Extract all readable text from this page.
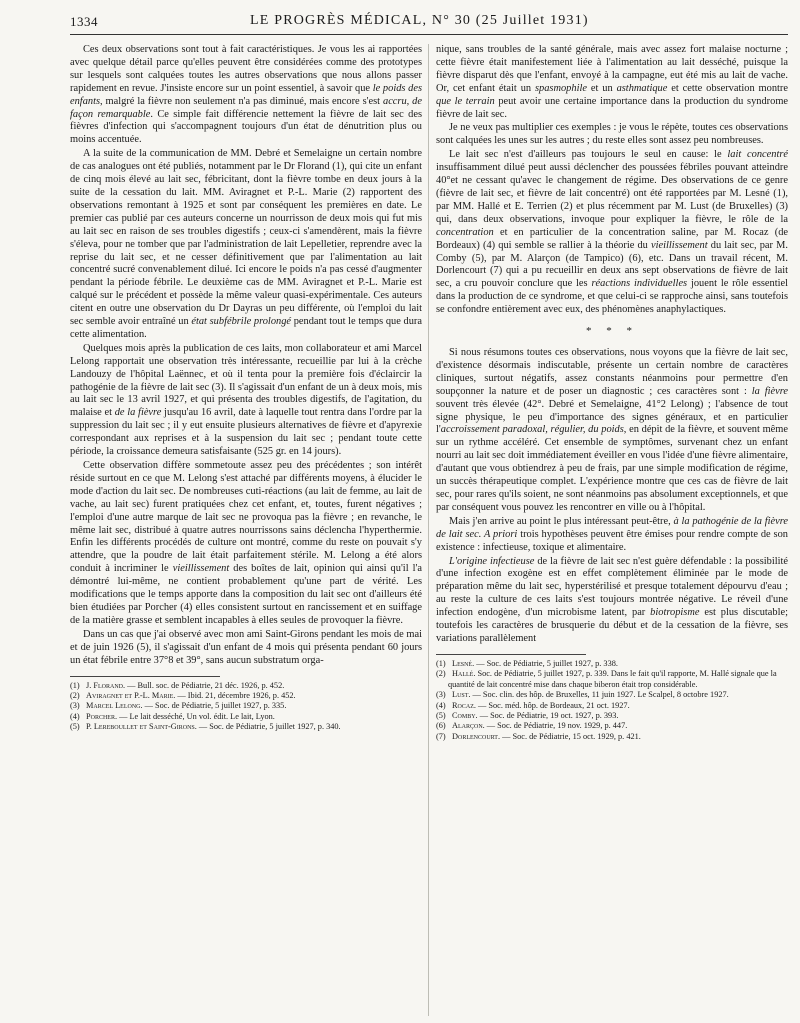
1334	LE PROGRÈS MÉDICAL, N° 30 (25 Juillet 1931)

Ces deux observations sont tout à fait caractéristiques. Je vous les ai rapportées avec quelque détail parce qu'elles peuvent être considérées comme des prototypes sur lesquels sont calquées toutes les autres observations que nous allons passer rapidement en revue. J'insiste encore sur un point essentiel, à savoir que le poids des enfants, malgré la fièvre non seulement n'a pas diminué, mais encore s'est accru, de façon remarquable. Ce simple fait différencie nettement la fièvre de lait sec des fièvres d'infection qui s'accompagnent toujours d'un état de dénutrition plus ou moins accentuée.

A la suite de la communication de MM. Debré et Semelaigne un certain nombre de cas analogues ont été publiés, notamment par le Dr Florand (1), qui cite un enfant de cinq mois élevé au lait sec, fébricitant, dont la fièvre tombe en deux jours à la suite de la cessation du lait. MM. Aviragnet et P.-L. Marie (2) rapportent des observations remontant à 1925 et sont par conséquent les premières en date. Le premier cas publié par ces auteurs concerne un nourrisson de deux mois qui fut mis au lait sec en raison de ses troubles digestifs ; ceux-ci s'amendèrent, mais la fièvre s'éleva, pour ne tomber que par l'administration de lait Lepelletier, reprendre avec la reprise du lait sec, et ne cesser définitivement que par l'alimentation au lait concentré sucré convenablement dilué. Ici encore le poids n'a pas cessé d'augmenter pendant la période fébrile. Le deuxième cas de MM. Aviragnet et P.-L. Marie est calqué sur le précédent et possède la même valeur quasi-expérimentale. Ces auteurs citent en outre une observation du Dr Dayras un peu différente, où l'emploi du lait sec semble avoir entraîné un état subfébrile prolongé pendant tout le temps que dura cette alimentation.

Quelques mois après la publication de ces laits, mon collaborateur et ami Marcel Lelong rapportait une observation très intéressante, recueillie par lui à la crèche Landouzy de l'hôpital Laënnec, et où il tenta pour la première fois d'éclaircir la pathogénie de la fièvre de lait sec (3). Il s'agissait d'un enfant de un à deux mois, mis au lait sec le 13 avril 1927, et qui présenta des troubles digestifs, de l'agitation, du malaise et de la fièvre jusqu'au 16 avril, date à laquelle tout rentra dans l'ordre par la suppression du lait sec ; il y eut ensuite plusieurs alternatives de fièvre et d'apyrexie correspondant aux reprises et à la suspension du lait sec ; pendant toute cette période, la croissance demeura satisfaisante (525 gr. en 14 jours).

Cette observation diffère sommetoute assez peu des précédentes ; son intérêt réside surtout en ce que M. Lelong s'est attaché par différents moyens, à élucider le mode d'action du lait sec. De nombreuses cuti-réactions (au lait de femme, au lait de vache, au lait sec) furent pratiquées chez cet enfant, et, toutes, furent négatives ; l'emploi d'une autre marque de lait sec ne provoqua pas la fièvre ; en revanche, le même lait sec, distribué à quatre autres nourrissons sains déclencha l'hyperthermie. Enfin les différents procédés de culture ont montré, comme du reste on pouvait s'y attendre, que la poudre de lait était parfaitement stérile. M. Lelong a été alors conduit à incriminer le vieillissement des boîtes de lait, opinion qui ainsi qu'il l'a démontré lui-même, ne contient probablement qu'une part de vérité. Les modifications que le temps apporte dans la composition du lait sec ont d'ailleurs été bien étudiées par Porcher (4) elles consistent surtout en rancissement et en suiffage de la matière grasse et semblent incapables à elles seules de provoquer la fièvre.

Dans un cas que j'ai observé avec mon ami Saint-Girons pendant les mois de mai et de juin 1926 (5), il s'agissait d'un enfant de 4 mois qui présenta pendant 60 jours un état fébrile entre 37°8 et 39°, sans aucun substratum orga-

(1) J. Florand. — Bull. soc. de Pédiatrie, 21 déc. 1926, p. 452.

(2) Aviragnet et P.-L. Marie. — Ibid. 21, décembre 1926, p. 452.

(3) Marcel Lelong. — Soc. de Pédiatrie, 5 juillet 1927, p. 335.

(4) Porcher. — Le lait desséché, Un vol. édit. Le lait, Lyon.

(5) P. Lereboullet et Saint-Girons. — Soc. de Pédiatrie, 5 juillet 1927, p. 340.

nique, sans troubles de la santé générale, mais avec assez fort malaise nocturne ; cette fièvre était manifestement liée à l'alimentation au lait desséché, puisque la fièvre disparut dès que l'enfant, envoyé à la campagne, eut été mis au lait de vache. Or, cet enfant était un spasmophile et un asthmatique et cette observation montre que le terrain peut avoir une certaine importance dans la production du syndrome fièvre de lait sec.

Je ne veux pas multiplier ces exemples : je vous le répète, toutes ces observations sont calquées les unes sur les autres ; du reste elles sont assez peu nombreuses.

Le lait sec n'est d'ailleurs pas toujours le seul en cause: le lait concentré insuffisamment dilué peut aussi déclencher des poussées fébriles pouvant atteindre 40°et ne cessant qu'avec le changement de régime. Des observations de ce genre (fièvre de lait sec, et fièvre de lait concentré) ont été rapportées par M. Lesné (1), par MM. Hallé et E. Terrien (2) et plus récemment par M. Lust (de Bruxelles) (3) qui, dans deux observations, invoque pour expliquer la fièvre, le rôle de la concentration et en particulier de la concentration saline, par M. Rocaz (de Bordeaux) (4) qui semble se rallier à la théorie du vieillissement du lait sec, par M. Comby (5), par M. Alarçon (de Tampico) (6), etc. Dans un travail récent, M. Dorlencourt (7) qui a pu recueillir en deux ans sept observations de fièvre de lait sec, a cru pouvoir conclure que les réactions individuelles jouent le rôle essentiel dans la production de ce syndrome, et que celui-ci se rapproche ainsi, sans toutefois se confondre entièrement avec eux, des phénomènes anaphylactiques.

* * *

Si nous résumons toutes ces observations, nous voyons que la fièvre de lait sec, d'existence désormais indiscutable, présente un certain nombre de caractères cliniques, surtout négatifs, assez constants néanmoins pour permettre d'en soupçonner la nature et de poser un diagnostic ; ces caractères sont : la fièvre souvent très élevée (42°. Debré et Semelaigne, 41°2 Lelong) ; l'absence de tout signe physique, le peu d'importance des signes généraux, et en particulier l'accroissement paradoxal, régulier, du poids, en dépit de la fièvre, et souvent même sur un rythme accéléré. Cet ensemble de symptômes, survenant chez un enfant nourri au lait sec doit immédiatement éveiller en vous l'idée d'une fièvre alimentaire, d'autant que vous obtiendrez à peu de frais, par une simple modification de régime, un succès thérapeutique complet. L'expérience montre que ces cas de fièvre de lait sec, pour rares qu'ils soient, ne sont néanmoins pas absolument exceptionnels, et que par conséquent vous pouvez les rencontrer en ville ou à l'hôpital.

Mais j'en arrive au point le plus intéressant peut-être, à la pathogénie de la fièvre de lait sec. A priori trois hypothèses peuvent être émises pour rendre compte de son existence : infectieuse, toxique et alimentaire.

L'origine infectieuse de la fièvre de lait sec n'est guère défendable : la possibilité d'une infection exogène est en effet complètement éliminée par le mode de préparation même du lait sec, hyperstérilisé et presque totalement dépourvu d'eau ; au reste la culture de ces laits s'est toujours montrée négative. Le réveil d'une infection endogène, d'un microbisme latent, par biotropisme est plus discutable; toutefois les caractères de brusquerie du début et de la cessation de la fièvre, ses variations parallèlement

(1) Lesné. — Soc. de Pédiatrie, 5 juillet 1927, p. 338.

(2) Hallé. Soc. de Pédiatrie, 5 juillet 1927, p. 339. Dans le fait qu'il rapporte, M. Hallé signale que la quantité de lait concentré mise dans chaque biberon était trop considérable.

(3) Lust. — Soc. clin. des hôp. de Bruxelles, 11 juin 1927. Le Scalpel, 8 octobre 1927.

(4) Rocaz. — Soc. méd. hôp. de Bordeaux, 21 oct. 1927.

(5) Comby. — Soc. de Pédiatrie, 19 oct. 1927, p. 393.

(6) Alarçon. — Soc. de Pédiatrie, 19 nov. 1929, p. 447.

(7) Dorlencourt. — Soc. de Pédiatrie, 15 oct. 1929, p. 421.
